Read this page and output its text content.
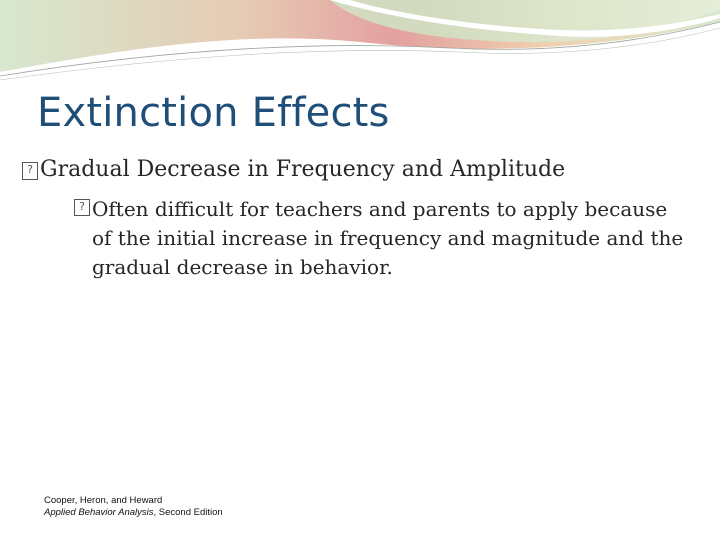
Extinction Effects
?
Gradual Decrease in Frequency and Amplitude
?
Often difficult for teachers and parents to apply because of the initial increase in frequency and magnitude and the gradual decrease in behavior.
Cooper, Heron, and Heward
Applied Behavior Analysis, Second Edition
